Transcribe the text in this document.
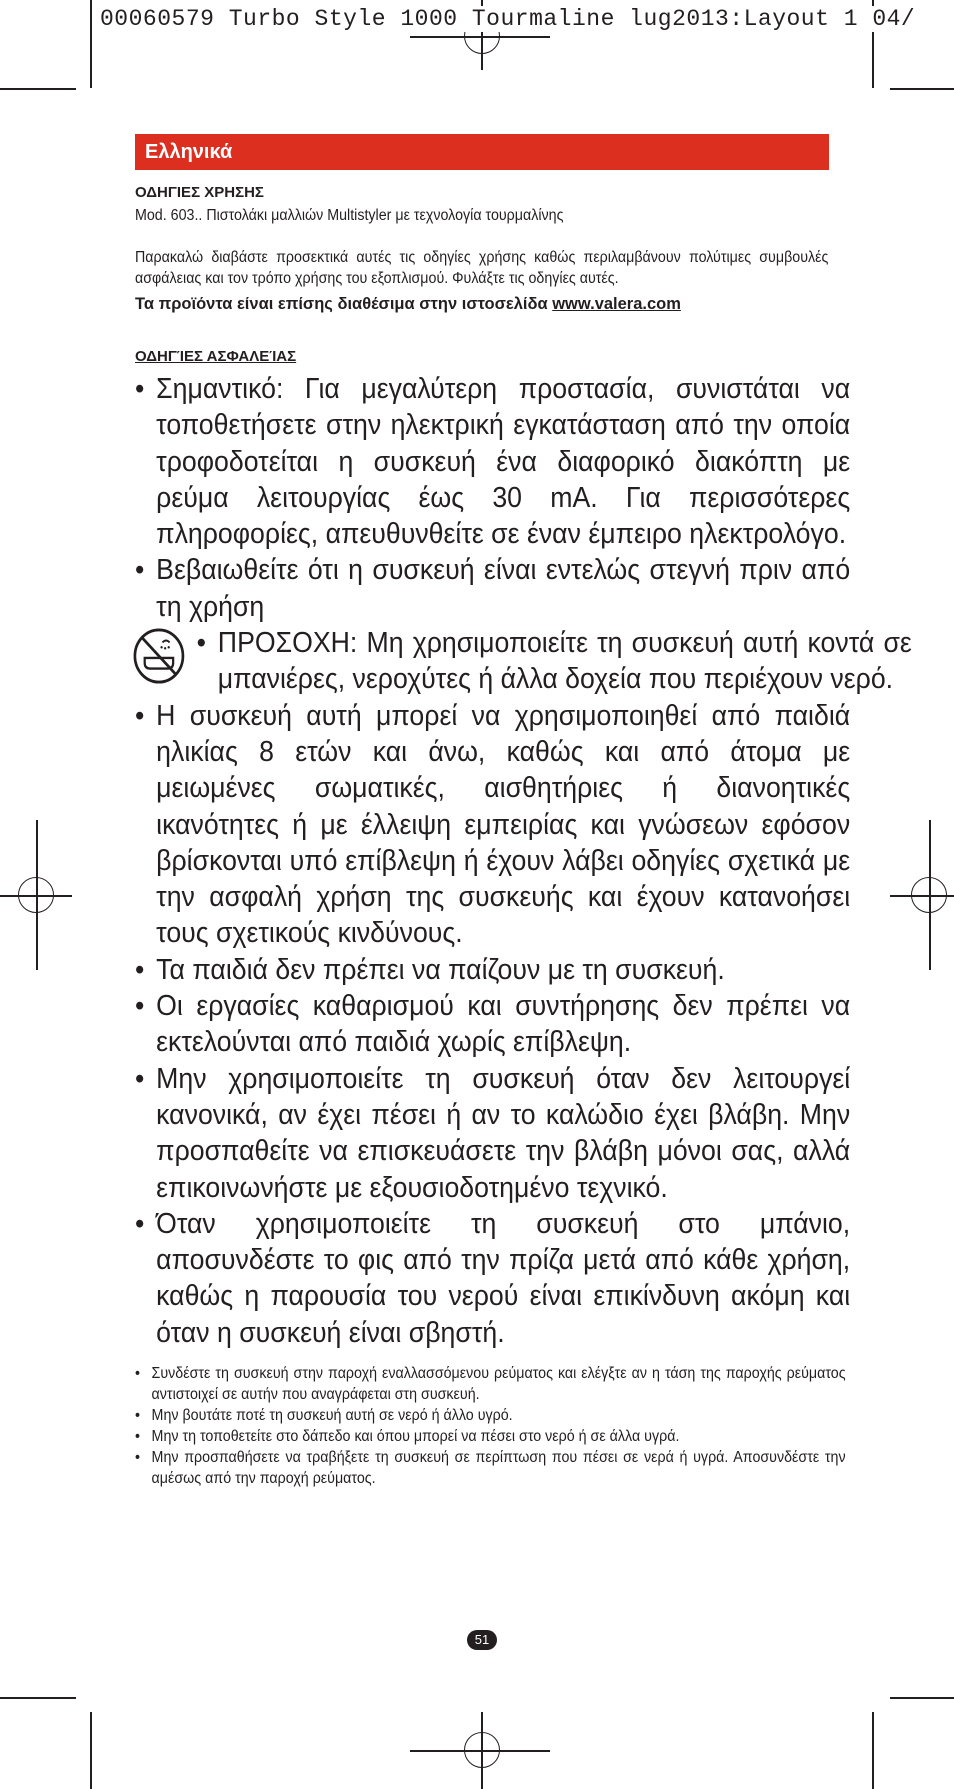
00060579 Turbo Style 1000 Tourmaline lug2013:Layout 1 04/
Ελληνικά

ΟΔΗΓΙΕΣ ΧΡΗΣΗΣ

Mod. 603.. Πιστολάκι μαλλιών Multistyler με τεχνολογία τουρμαλίνης

Παρακαλώ διαβάστε προσεκτικά αυτές τις οδηγίες χρήσης καθώς περιλαμβάνουν πολύτιμες συμβουλές ασφάλειας και τον τρόπο χρήσης του εξοπλισμού. Φυλάξτε τις οδηγίες αυτές.

Τα προϊόντα είναι επίσης διαθέσιμα στην ιστοσελίδα www.valera.com

ΟΔΗΓΊΕΣ ΑΣΦΑΛΕΊΑΣ

• Σημαντικό: Για μεγαλύτερη προστασία, συνιστάται να τοποθετήσετε στην ηλεκτρική εγκατάσταση από την οποία τροφοδοτείται η συσκευή ένα διαφορικό διακόπτη με ρεύμα λειτουργίας έως 30 mA. Για περισσότερες πληροφορίες, απευθυνθείτε σε έναν έμπειρο ηλεκτρολόγο.
• Βεβαιωθείτε ότι η συσκευή είναι εντελώς στεγνή πριν από τη χρήση
• ΠΡΟΣΟΧΗ: Μη χρησιμοποιείτε τη συσκευή αυτή κοντά σε μπανιέρες, νεροχύτες ή άλλα δοχεία που περιέχουν νερό.
• Η συσκευή αυτή μπορεί να χρησιμοποιηθεί από παιδιά ηλικίας 8 ετών και άνω, καθώς και από άτομα με μειωμένες σωματικές, αισθητήριες ή διανοητικές ικανότητες ή με έλλειψη εμπειρίας και γνώσεων εφόσον βρίσκονται υπό επίβλεψη ή έχουν λάβει οδηγίες σχετικά με την ασφαλή χρήση της συσκευής και έχουν κατανοήσει τους σχετικούς κινδύνους.
• Τα παιδιά δεν πρέπει να παίζουν με τη συσκευή.
• Οι εργασίες καθαρισμού και συντήρησης δεν πρέπει να εκτελούνται από παιδιά χωρίς επίβλεψη.
• Μην χρησιμοποιείτε τη συσκευή όταν δεν λειτουργεί κανονικά, αν έχει πέσει ή αν το καλώδιο έχει βλάβη. Μην προσπαθείτε να επισκευάσετε την βλάβη μόνοι σας, αλλά επικοινωνήστε με εξουσιοδοτημένο τεχνικό.
• Όταν χρησιμοποιείτε τη συσκευή στο μπάνιο, αποσυνδέστε το φις από την πρίζα μετά από κάθε χρήση, καθώς η παρουσία του νερού είναι επικίνδυνη ακόμη και όταν η συσκευή είναι σβηστή.
• Συνδέστε τη συσκευή στην παροχή εναλλασσόμενου ρεύματος και ελέγξτε αν η τάση της παροχής ρεύματος αντιστοιχεί σε αυτήν που αναγράφεται στη συσκευή.
• Μην βουτάτε ποτέ τη συσκευή αυτή σε νερό ή άλλο υγρό.
• Μην τη τοποθετείτε στο δάπεδο και όπου μπορεί να πέσει στο νερό ή σε άλλα υγρά.
• Μην προσπαθήσετε να τραβήξετε τη συσκευή σε περίπτωση που πέσει σε νερά ή υγρά. Αποσυνδέστε την αμέσως από την παροχή ρεύματος.
51
